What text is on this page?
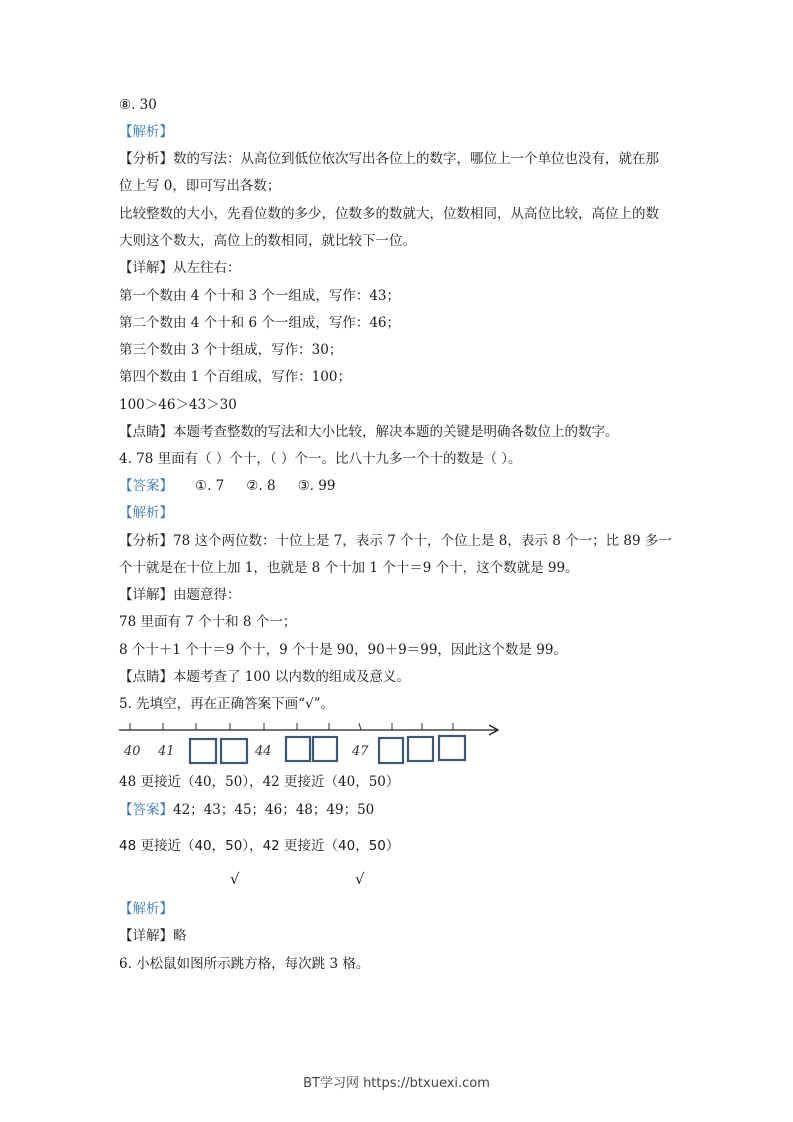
⑧. 30
【解析】
【分析】数的写法：从高位到低位依次写出各位上的数字，哪位上一个单位也没有，就在那
位上写 0，即可写出各数；
比较整数的大小，先看位数的多少，位数多的数就大，位数相同，从高位比较，高位上的数
大则这个数大，高位上的数相同，就比较下一位。
【详解】从左往右：
第一个数由 4 个十和 3 个一组成，写作：43；
第二个数由 4 个十和 6 个一组成，写作：46；
第三个数由 3 个十组成，写作：30；
第四个数由 1 个百组成，写作：100；
100＞46＞43＞30
【点睛】本题考查整数的写法和大小比较，解决本题的关键是明确各数位上的数字。
4. 78 里面有（ ）个十，（ ）个一。比八十九多一个十的数是（ ）。
【答案】 ①. 7 ②. 8 ③. 99
【解析】
【分析】78 这个两位数：十位上是 7，表示 7 个十，个位上是 8，表示 8 个一；比 89 多一
个十就是在十位上加 1，也就是 8 个十加 1 个十＝9 个十，这个数就是 99。
【详解】由题意得：
78 里面有 7 个十和 8 个一；
8 个十＋1 个十＝9 个十，9 个十是 90，90＋9＝99，因此这个数是 99。
【点睛】本题考查了 100 以内数的组成及意义。
5. 先填空，再在正确答案下画“√”。
40 41	44	47
48 更接近（40，50），42 更接近（40，50）
【答案】42；43；45；46；48；49；50
48 更接近（40，50），42 更接近（40，50）
√	√
【解析】
【详解】略
6. 小松鼠如图所示跳方格，每次跳 3 格。
BT学习网 https://btxuexi.com
